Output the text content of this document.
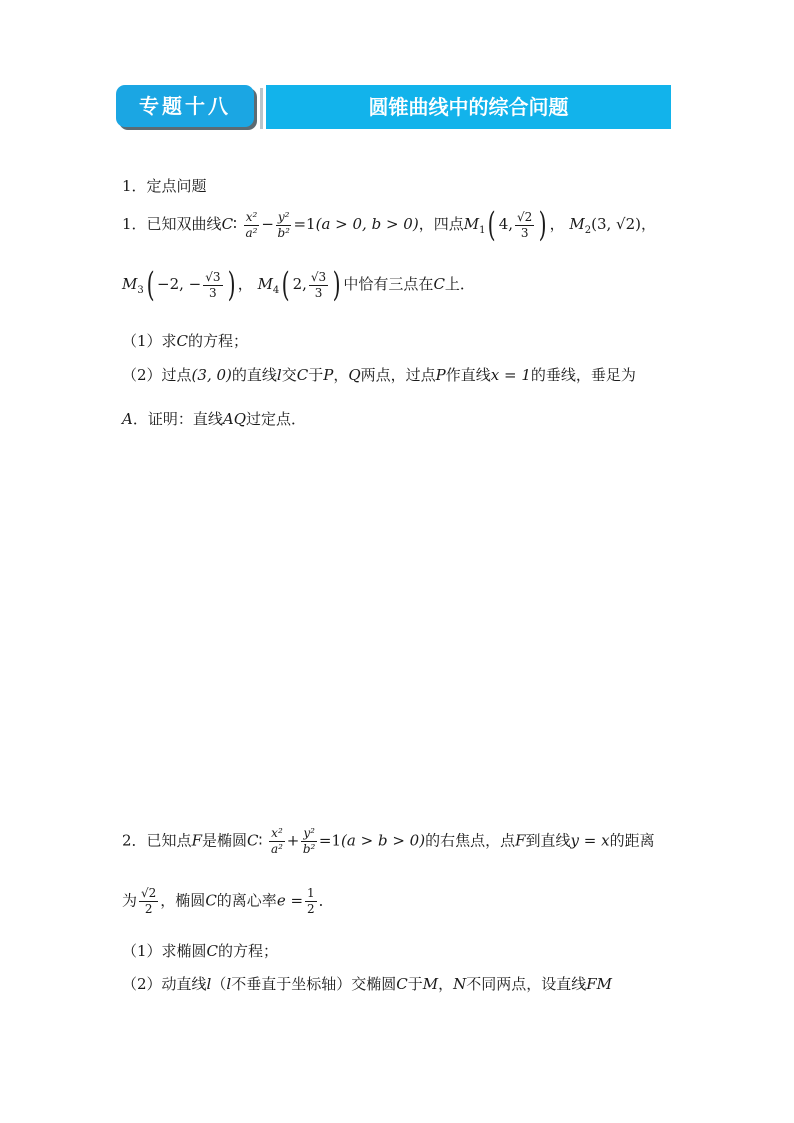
专题十八	圆锥曲线中的综合问题
1．定点问题
1．已知双曲线C∶ $\frac{\text{x²}}{\text{a²}} - \frac{\text{y²}}{\text{b²}} =1(a > 0$, b > 0)，四点$M_1$( 4, $\frac{√2}{3}$ ) ， $M_2(3$, √2)，
$M_3( -2$, − $\frac{√3}{3}$ ) ， $M_4$( 2, $\frac{√3}{3}$ ) 中恰有三点在C上．
（1）求C的方程；
（2）过点(3, 0)的直线l交C于P，Q两点，过点P作直线x = 1的垂线，垂足为
A．证明：直线AQ过定点．
2．已知点F是椭圆C∶ $\frac{\text{x²}}{\text{a²}} + \frac{\text{y²}}{\text{b²}} =1(a > b > 0)$的右焦点，点F到直线y = x的距离
为 $\frac{√2}{2}$ ，椭圆C的离心率$e = \frac{1}{2}$ ．
（1）求椭圆C的方程；
（2）动直线l（l不垂直于坐标轴）交椭圆C于M，N不同两点，设直线FM
